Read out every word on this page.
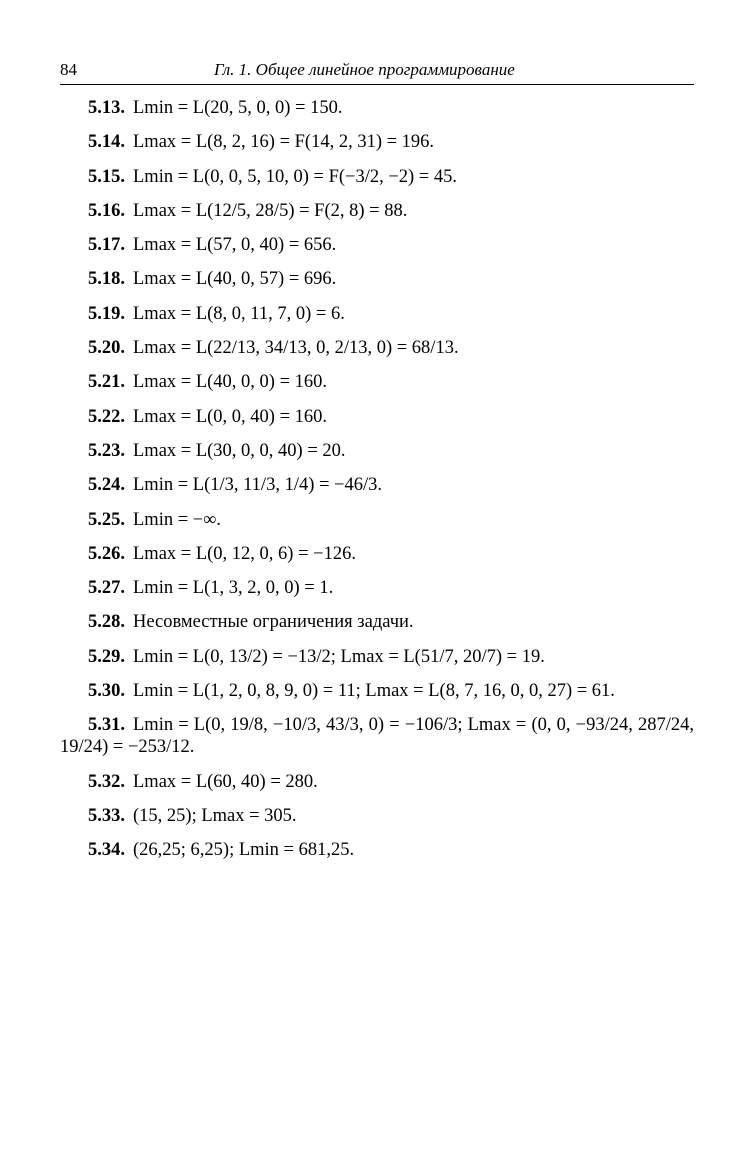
84	Гл. 1. Общее линейное программирование
5.13. Lmin = L(20, 5, 0, 0) = 150.
5.14. Lmax = L(8, 2, 16) = F(14, 2, 31) = 196.
5.15. Lmin = L(0, 0, 5, 10, 0) = F(−3/2, −2) = 45.
5.16. Lmax = L(12/5, 28/5) = F(2, 8) = 88.
5.17. Lmax = L(57, 0, 40) = 656.
5.18. Lmax = L(40, 0, 57) = 696.
5.19. Lmax = L(8, 0, 11, 7, 0) = 6.
5.20. Lmax = L(22/13, 34/13, 0, 2/13, 0) = 68/13.
5.21. Lmax = L(40, 0, 0) = 160.
5.22. Lmax = L(0, 0, 40) = 160.
5.23. Lmax = L(30, 0, 0, 40) = 20.
5.24. Lmin = L(1/3, 11/3, 1/4) = −46/3.
5.25. Lmin = −∞.
5.26. Lmax = L(0, 12, 0, 6) = −126.
5.27. Lmin = L(1, 3, 2, 0, 0) = 1.
5.28. Несовместные ограничения задачи.
5.29. Lmin = L(0, 13/2) = −13/2; Lmax = L(51/7, 20/7) = 19.
5.30. Lmin = L(1, 2, 0, 8, 9, 0) = 11; Lmax = L(8, 7, 16, 0, 0, 27) = 61.
5.31. Lmin = L(0, 19/8, −10/3, 43/3, 0) = −106/3; Lmax = (0, 0, −93/24, 287/24, 19/24) = −253/12.
5.32. Lmax = L(60, 40) = 280.
5.33. (15, 25); Lmax = 305.
5.34. (26,25; 6,25); Lmin = 681,25.
